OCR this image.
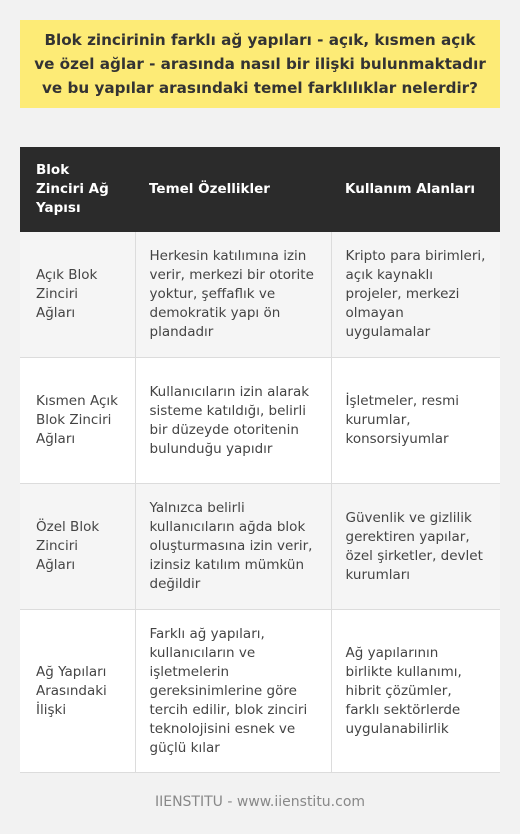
Blok zincirinin farklı ağ yapıları - açık, kısmen açık ve özel ağlar - arasında nasıl bir ilişki bulunmaktadır ve bu yapılar arasındaki temel farklılıklar nelerdir?
Blok Zinciri Ağ Yapısı	Temel Özellikler	Kullanım Alanları
Açık Blok Zinciri Ağları	Herkesin katılımına izin verir, merkezi bir otorite yoktur, şeffaflık ve demokratik yapı ön plandadır	Kripto para birimleri, açık kaynaklı projeler, merkezi olmayan uygulamalar
Kısmen Açık Blok Zinciri Ağları	Kullanıcıların izin alarak sisteme katıldığı, belirli bir düzeyde otoritenin bulunduğu yapıdır	İşletmeler, resmi kurumlar, konsorsiyumlar
Özel Blok Zinciri Ağları	Yalnızca belirli kullanıcıların ağda blok oluşturmasına izin verir, izinsiz katılım mümkün değildir	Güvenlik ve gizlilik gerektiren yapılar, özel şirketler, devlet kurumları
Ağ Yapıları Arasındaki İlişki	Farklı ağ yapıları, kullanıcıların ve işletmelerin gereksinimlerine göre tercih edilir, blok zinciri teknolojisini esnek ve güçlü kılar	Ağ yapılarının birlikte kullanımı, hibrit çözümler, farklı sektörlerde uygulanabilirlik
IIENSTITU - www.iienstitu.com
